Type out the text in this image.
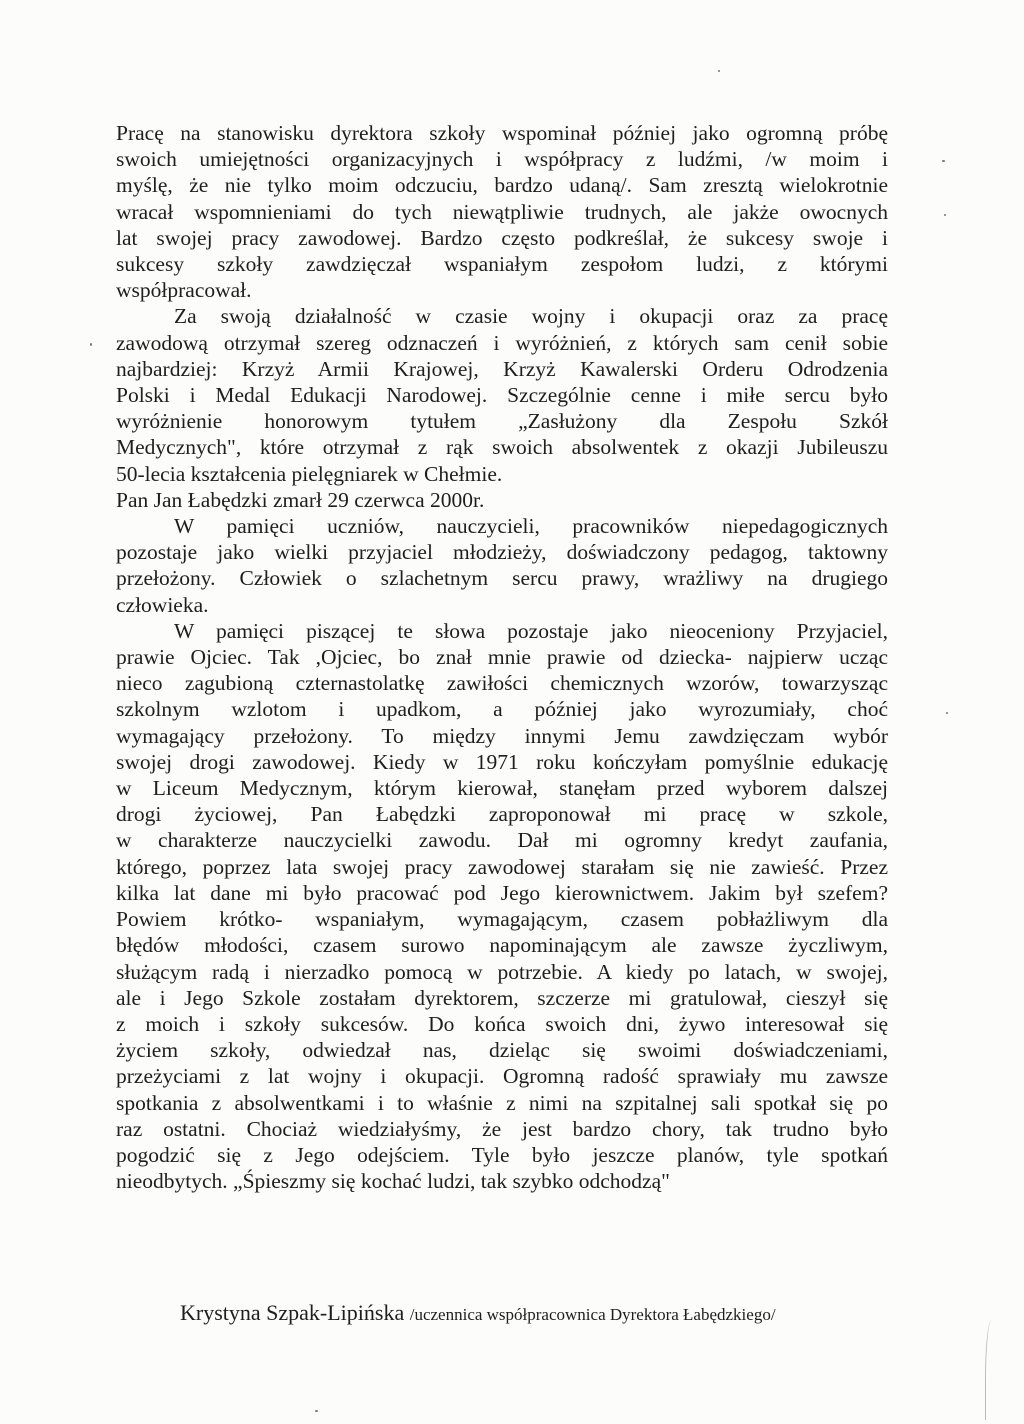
Pracę na stanowisku dyrektora szkoły wspominał później jako ogromną próbę
swoich umiejętności organizacyjnych i współpracy z ludźmi, /w moim i
myślę, że nie tylko moim odczuciu, bardzo udaną/. Sam zresztą wielokrotnie
wracał wspomnieniami do tych niewątpliwie trudnych, ale jakże owocnych
lat swojej pracy zawodowej. Bardzo często podkreślał, że sukcesy swoje i
sukcesy szkoły zawdzięczał wspaniałym zespołom ludzi, z którymi
współpracował.
Za swoją działalność w czasie wojny i okupacji oraz za pracę
zawodową otrzymał szereg odznaczeń i wyróżnień, z których sam cenił sobie
najbardziej: Krzyż Armii Krajowej, Krzyż Kawalerski Orderu Odrodzenia
Polski i Medal Edukacji Narodowej. Szczególnie cenne i miłe sercu było
wyróżnienie honorowym tytułem „Zasłużony dla Zespołu Szkół
Medycznych", które otrzymał z rąk swoich absolwentek z okazji Jubileuszu
50-lecia kształcenia pielęgniarek w Chełmie.
Pan Jan Łabędzki zmarł 29 czerwca 2000r.
W pamięci uczniów, nauczycieli, pracowników niepedagogicznych
pozostaje jako wielki przyjaciel młodzieży, doświadczony pedagog, taktowny
przełożony. Człowiek o szlachetnym sercu prawy, wrażliwy na drugiego
człowieka.
W pamięci piszącej te słowa pozostaje jako nieoceniony Przyjaciel,
prawie Ojciec. Tak ,Ojciec, bo znał mnie prawie od dziecka- najpierw ucząc
nieco zagubioną czternastolatkę zawiłości chemicznych wzorów, towarzysząc
szkolnym wzlotom i upadkom, a później jako wyrozumiały, choć
wymagający przełożony. To między innymi Jemu zawdzięczam wybór
swojej drogi zawodowej. Kiedy w 1971 roku kończyłam pomyślnie edukację
w Liceum Medycznym, którym kierował, stanęłam przed wyborem dalszej
drogi życiowej, Pan Łabędzki zaproponował mi pracę w szkole,
w charakterze nauczycielki zawodu. Dał mi ogromny kredyt zaufania,
którego, poprzez lata swojej pracy zawodowej starałam się nie zawieść. Przez
kilka lat dane mi było pracować pod Jego kierownictwem. Jakim był szefem?
Powiem krótko- wspaniałym, wymagającym, czasem pobłażliwym dla
błędów młodości, czasem surowo napominającym ale zawsze życzliwym,
służącym radą i nierzadko pomocą w potrzebie. A kiedy po latach, w swojej,
ale i Jego Szkole zostałam dyrektorem, szczerze mi gratulował, cieszył się
z moich i szkoły sukcesów. Do końca swoich dni, żywo interesował się
życiem szkoły, odwiedzał nas, dzieląc się swoimi doświadczeniami,
przeżyciami z lat wojny i okupacji. Ogromną radość sprawiały mu zawsze
spotkania z absolwentkami i to właśnie z nimi na szpitalnej sali spotkał się po
raz ostatni. Chociaż wiedziałyśmy, że jest bardzo chory, tak trudno było
pogodzić się z Jego odejściem. Tyle było jeszcze planów, tyle spotkań
nieodbytych. „Śpieszmy się kochać ludzi, tak szybko odchodzą"
Krystyna Szpak-Lipińska /uczennica współpracownica Dyrektora Łabędzkiego/
